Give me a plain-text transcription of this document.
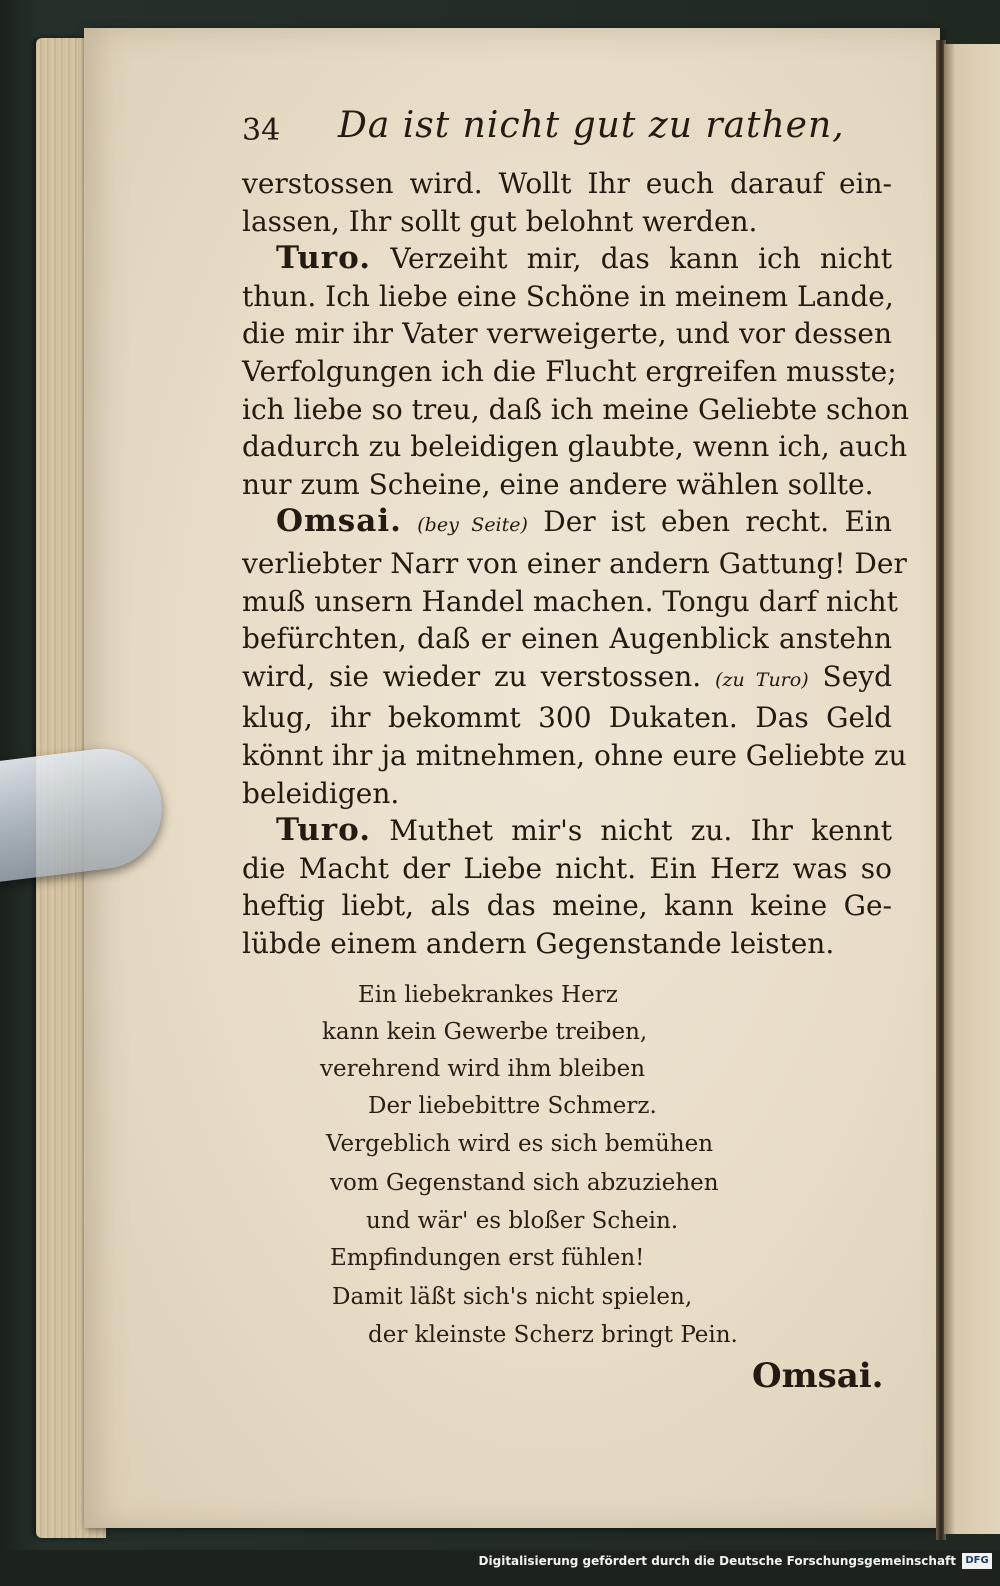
34 Da ist nicht gut zu rathen,
verstossen wird. Wollt Ihr euch darauf ein-
lassen, Ihr sollt gut belohnt werden.
Turo. Verzeiht mir, das kann ich nicht
thun. Ich liebe eine Schöne in meinem Lande,
die mir ihr Vater verweigerte, und vor dessen
Verfolgungen ich die Flucht ergreifen musste;
ich liebe so treu, daß ich meine Geliebte schon
dadurch zu beleidigen glaubte, wenn ich, auch
nur zum Scheine, eine andere wählen sollte.
Omsai. (bey Seite) Der ist eben recht. Ein
verliebter Narr von einer andern Gattung! Der
muß unsern Handel machen. Tongu darf nicht
befürchten, daß er einen Augenblick anstehn
wird, sie wieder zu verstossen. (zu Turo) Seyd
klug, ihr bekommt 300 Dukaten. Das Geld
könnt ihr ja mitnehmen, ohne eure Geliebte zu
beleidigen.
Turo. Muthet mir's nicht zu. Ihr kennt
die Macht der Liebe nicht. Ein Herz was so
heftig liebt, als das meine, kann keine Ge-
lübde einem andern Gegenstande leisten.
Ein liebekrankes Herz
kann kein Gewerbe treiben,
verehrend wird ihm bleiben
Der liebebittre Schmerz.
Vergeblich wird es sich bemühen
vom Gegenstand sich abzuziehen
und wär' es bloßer Schein.
Empfindungen erst fühlen!
Damit läßt sich's nicht spielen,
der kleinste Scherz bringt Pein.
Omsai.
Digitalisierung gefördert durch die Deutsche Forschungsgemeinschaft DFG
